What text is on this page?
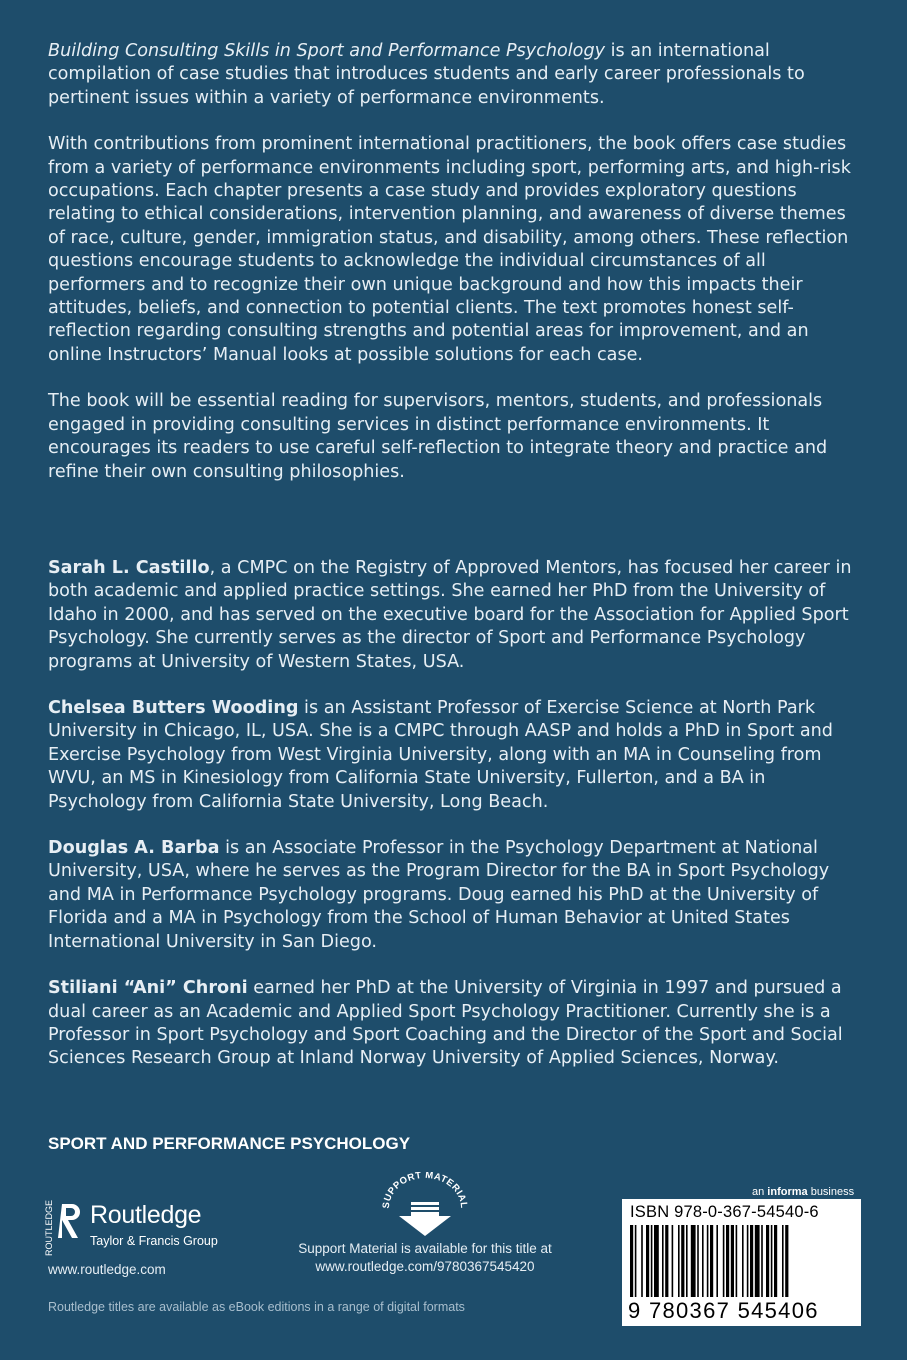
Building Consulting Skills in Sport and Performance Psychology is an international compilation of case studies that introduces students and early career professionals to pertinent issues within a variety of performance environments.

With contributions from prominent international practitioners, the book offers case studies from a variety of performance environments including sport, performing arts, and high-risk occupations. Each chapter presents a case study and provides exploratory questions relating to ethical considerations, intervention planning, and awareness of diverse themes of race, culture, gender, immigration status, and disability, among others. These reflection questions encourage students to acknowledge the individual circumstances of all performers and to recognize their own unique background and how this impacts their attitudes, beliefs, and connection to potential clients. The text promotes honest self-reflection regarding consulting strengths and potential areas for improvement, and an online Instructors’ Manual looks at possible solutions for each case.

The book will be essential reading for supervisors, mentors, students, and professionals engaged in providing consulting services in distinct performance environments. It encourages its readers to use careful self-reflection to integrate theory and practice and refine their own consulting philosophies.

Sarah L. Castillo, a CMPC on the Registry of Approved Mentors, has focused her career in both academic and applied practice settings. She earned her PhD from the University of Idaho in 2000, and has served on the executive board for the Association for Applied Sport Psychology. She currently serves as the director of Sport and Performance Psychology programs at University of Western States, USA.

Chelsea Butters Wooding is an Assistant Professor of Exercise Science at North Park University in Chicago, IL, USA. She is a CMPC through AASP and holds a PhD in Sport and Exercise Psychology from West Virginia University, along with an MA in Counseling from WVU, an MS in Kinesiology from California State University, Fullerton, and a BA in Psychology from California State University, Long Beach.

Douglas A. Barba is an Associate Professor in the Psychology Department at National University, USA, where he serves as the Program Director for the BA in Sport Psychology and MA in Performance Psychology programs. Doug earned his PhD at the University of Florida and a MA in Psychology from the School of Human Behavior at United States International University in San Diego.

Stiliani “Ani” Chroni earned her PhD at the University of Virginia in 1997 and pursued a dual career as an Academic and Applied Sport Psychology Practitioner. Currently she is a Professor in Sport Psychology and Sport Coaching and the Director of the Sport and Social Sciences Research Group at Inland Norway University of Applied Sciences, Norway.

SPORT AND PERFORMANCE PSYCHOLOGY
ROUTLEDGE Routledge
Taylor & Francis Group
www.routledge.com
SUPPORT MATERIAL
Support Material is available for this title at
www.routledge.com/9780367545420
Routledge titles are available as eBook editions in a range of digital formats
an informa business
ISBN 978-0-367-54540-6
9 780367 545406
